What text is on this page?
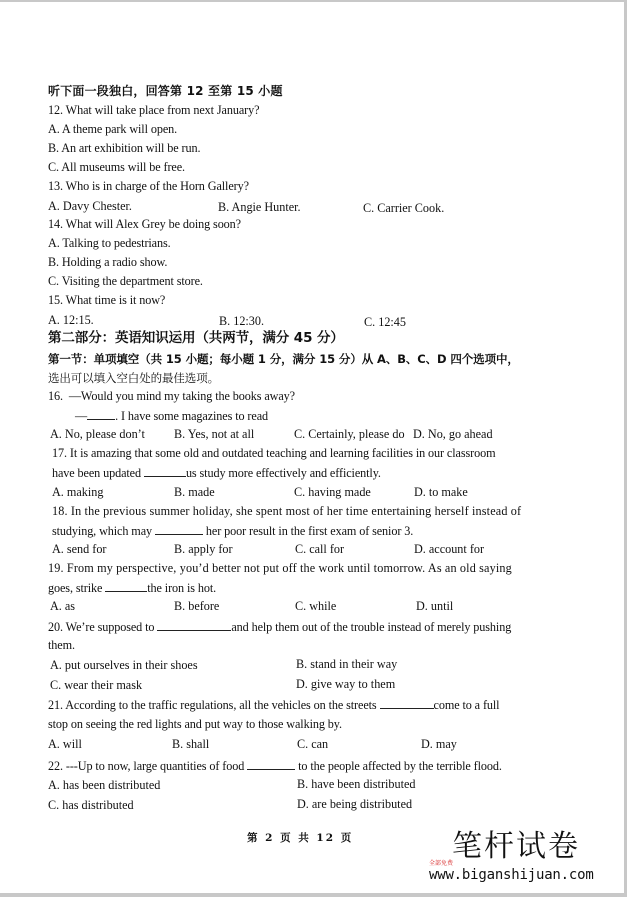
听下面一段独白，回答第 12 至第 15 小题
12. What will take place from next January?
A. A theme park will open.
B. An art exhibition will be run.
C. All museums will be free.
13. Who is in charge of the Horn Gallery?
A. Davy Chester.	B. Angie Hunter.	C. Carrier Cook.
14. What will Alex Grey be doing soon?
A. Talking to pedestrians.
B. Holding a radio show.
C. Visiting the department store.
15. What time is it now?
A. 12:15.	B. 12:30.	C. 12:45
第二部分：英语知识运用（共两节，满分 45 分）
第一节：单项填空（共 15 小题；每小题 1 分，满分 15 分）从 A、B、C、D 四个选项中，
选出可以填入空白处的最佳选项。
16. —Would you mind my taking the books away?
— . I have some magazines to read
A. No, please don’t B. Yes, not at all	C. Certainly, please do D. No, go ahead
17. It is amazing that some old and outdated teaching and learning facilities in our classroom
have been updated	us study more effectively and efficiently.
A. making	B. made	C. having made	D. to make
18. In the previous summer holiday, she spent most of her time entertaining herself instead of
studying, which may	her poor result in the first exam of senior 3.
A. send for	B. apply for	C. call for	D. account for
19. From my perspective, you’d better not put off the work until tomorrow. As an old saying
goes, strike	the iron is hot.
A. as	B. before	C. while	D. until
20. We’re supposed to	and help them out of the trouble instead of merely pushing
them.
A. put ourselves in their shoes	B. stand in their way
C. wear their mask	D. give way to them
21. According to the traffic regulations, all the vehicles on the streets	come to a full
stop on seeing the red lights and put way to those walking by.
A. will	B. shall	C. can	D. may
22. ---Up to now, large quantities of food	to the people affected by the terrible flood.
A. has been distributed	B. have been distributed
C. has distributed	D. are being distributed
第 2 页 共 12 页	笔杆试卷
全部免费
www.biganshijuan.com
